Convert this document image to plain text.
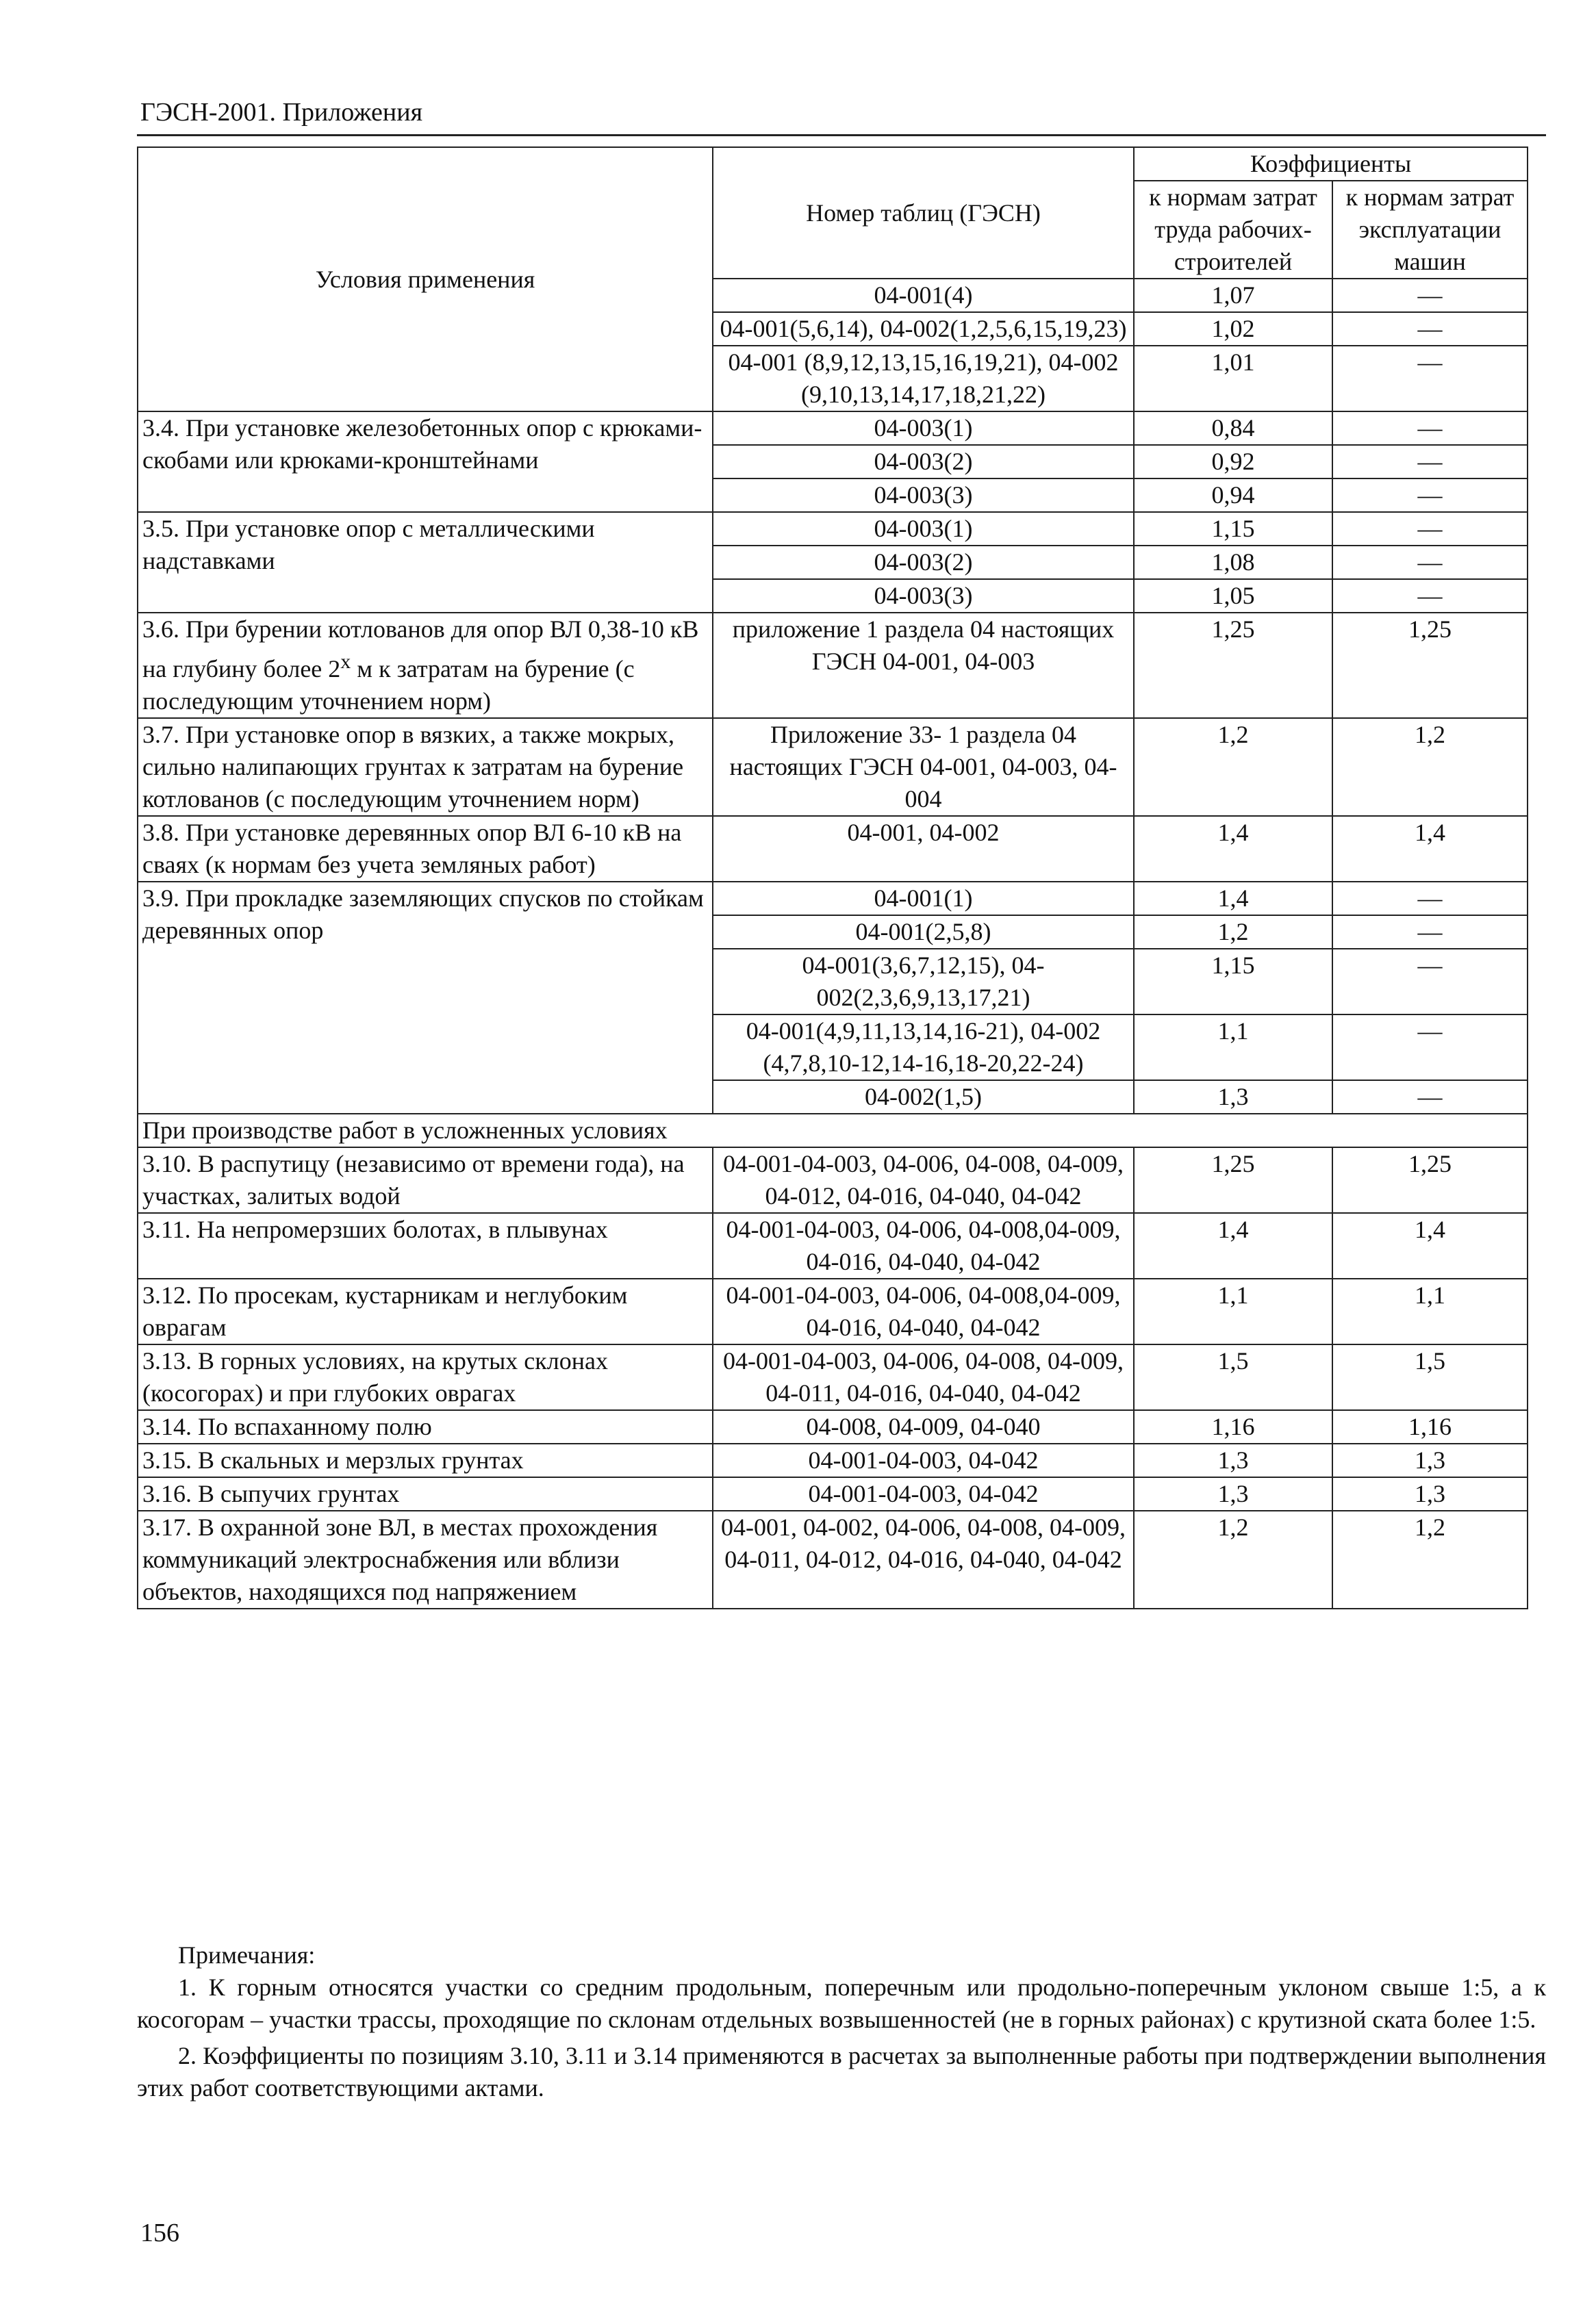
ГЭСН-2001. Приложения
Условия применения	Номер таблиц (ГЭСН)	Коэффициенты	
		к нормам затрат труда рабочих-строителей	к нормам затрат эксплуатации машин
	04-001(4)	1,07	—
	04-001(5,6,14), 04-002(1,2,5,6,15,19,23)	1,02	—
	04-001 (8,9,12,13,15,16,19,21), 04-002 (9,10,13,14,17,18,21,22)	1,01	—
3.4. При установке железобетонных опор с крюками-скобами или крюками-кронштейнами	04-003(1)	0,84	—
	04-003(2)	0,92	—
	04-003(3)	0,94	—
3.5. При установке опор с металлическими надставками	04-003(1)	1,15	—
	04-003(2)	1,08	—
	04-003(3)	1,05	—
3.6. При бурении котлованов для опор ВЛ 0,38-10 кВ на глубину более $2^х$ м к затратам на бурение (с последующим уточнением норм)	приложение 1 раздела 04 настоящих ГЭСН 04-001, 04-003	1,25	1,25
3.7. При установке опор в вязких, а также мокрых, сильно налипающих грунтах к затратам на бурение котлованов (с последующим уточнением норм)	Приложение 33- 1 раздела 04 настоящих ГЭСН 04-001, 04-003, 04-004	1,2	1,2
3.8. При установке деревянных опор ВЛ 6-10 кВ на сваях (к нормам без учета земляных работ)	04-001, 04-002	1,4	1,4
3.9. При прокладке заземляющих спусков по стойкам деревянных опор	04-001(1)	1,4	—
	04-001(2,5,8)	1,2	—
	04-001(3,6,7,12,15), 04-002(2,3,6,9,13,17,21)	1,15	—
	04-001(4,9,11,13,14,16-21), 04-002 (4,7,8,10-12,14-16,18-20,22-24)	1,1	—
	04-002(1,5)	1,3	—
При производстве работ в усложненных условиях			
3.10. В распутицу (независимо от времени года), на участках, залитых водой	04-001-04-003, 04-006, 04-008, 04-009, 04-012, 04-016, 04-040, 04-042	1,25	1,25
3.11. На непромерзших болотах, в плывунах	04-001-04-003, 04-006, 04-008,04-009, 04-016, 04-040, 04-042	1,4	1,4
3.12. По просекам, кустарникам и неглубоким оврагам	04-001-04-003, 04-006, 04-008,04-009, 04-016, 04-040, 04-042	1,1	1,1
3.13. В горных условиях, на крутых склонах (косогорах) и при глубоких оврагах	04-001-04-003, 04-006, 04-008, 04-009, 04-011, 04-016, 04-040, 04-042	1,5	1,5
3.14. По вспаханному полю	04-008, 04-009, 04-040	1,16	1,16
3.15. В скальных и мерзлых грунтах	04-001-04-003, 04-042	1,3	1,3
3.16. В сыпучих грунтах	04-001-04-003, 04-042	1,3	1,3
3.17. В охранной зоне ВЛ, в местах прохождения коммуникаций электроснабжения или вблизи объектов, находящихся под напряжением	04-001, 04-002, 04-006, 04-008, 04-009, 04-011, 04-012, 04-016, 04-040, 04-042	1,2	1,2
Примечания:
1. К горным относятся участки со средним продольным, поперечным или продольно-поперечным уклоном свыше 1:5, а к косогорам – участки трассы, проходящие по склонам отдельных возвышенностей (не в горных районах) с крутизной ската более 1:5.
2. Коэффициенты по позициям 3.10, 3.11 и 3.14 применяются в расчетах за выполненные работы при подтверждении выполнения этих работ соответствующими актами.
156
